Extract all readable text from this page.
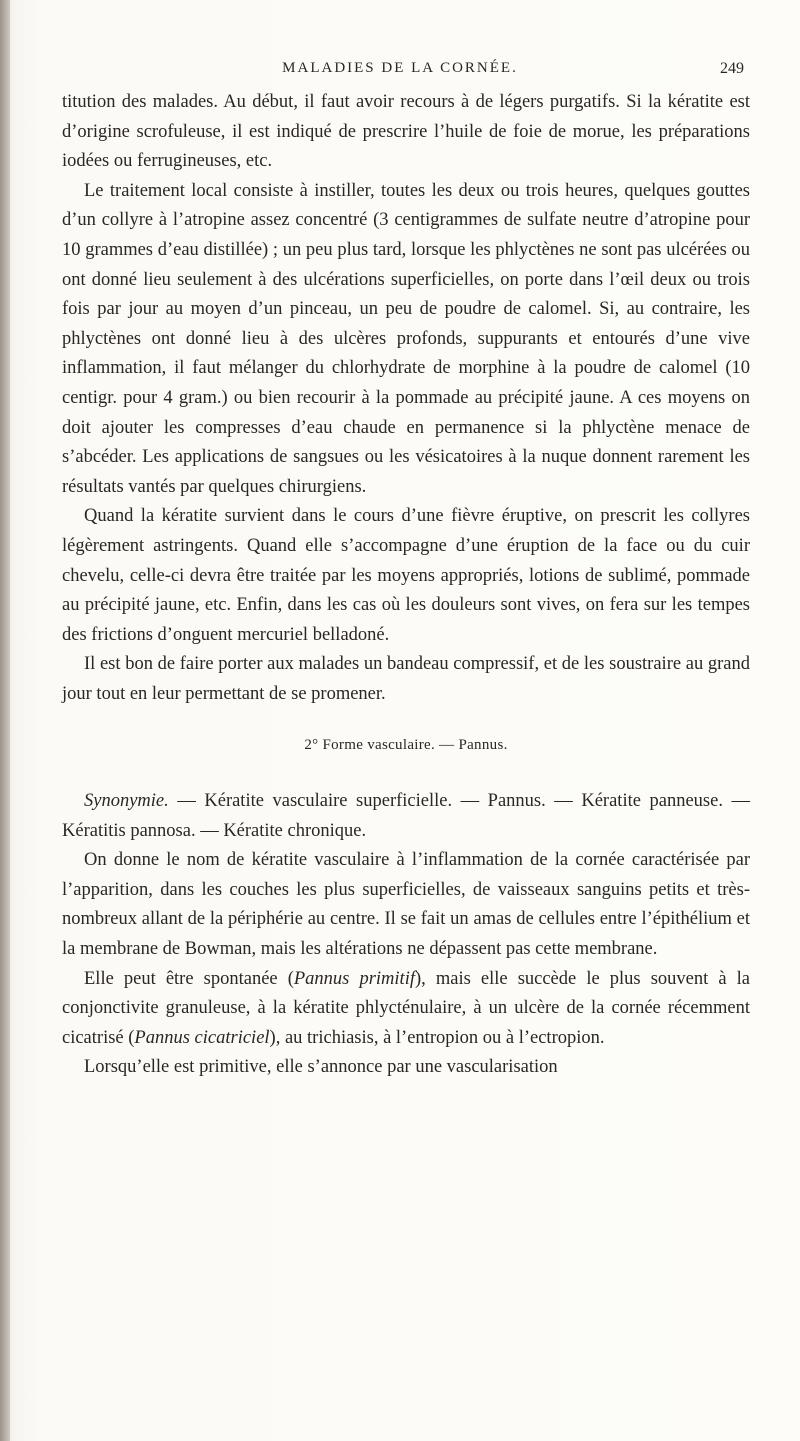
MALADIES DE LA CORNÉE.	249

titution des malades. Au début, il faut avoir recours à de légers purgatifs. Si la kératite est d’origine scrofuleuse, il est indiqué de prescrire l’huile de foie de morue, les préparations iodées ou ferrugineuses, etc.

Le traitement local consiste à instiller, toutes les deux ou trois heures, quelques gouttes d’un collyre à l’atropine assez concentré (3 centigrammes de sulfate neutre d’atropine pour 10 grammes d’eau distillée) ; un peu plus tard, lorsque les phlyctènes ne sont pas ulcérées ou ont donné lieu seulement à des ulcérations superficielles, on porte dans l’œil deux ou trois fois par jour au moyen d’un pinceau, un peu de poudre de calomel. Si, au contraire, les phlyctènes ont donné lieu à des ulcères profonds, suppurants et entourés d’une vive inflammation, il faut mélanger du chlorhydrate de morphine à la poudre de calomel (10 centigr. pour 4 gram.) ou bien recourir à la pommade au précipité jaune. A ces moyens on doit ajouter les compresses d’eau chaude en permanence si la phlyctène menace de s’abcéder. Les applications de sangsues ou les vésicatoires à la nuque donnent rarement les résultats vantés par quelques chirurgiens.

Quand la kératite survient dans le cours d’une fièvre éruptive, on prescrit les collyres légèrement astringents. Quand elle s’accompagne d’une éruption de la face ou du cuir chevelu, celle-ci devra être traitée par les moyens appropriés, lotions de sublimé, pommade au précipité jaune, etc. Enfin, dans les cas où les douleurs sont vives, on fera sur les tempes des frictions d’onguent mercuriel belladoné.

Il est bon de faire porter aux malades un bandeau compressif, et de les soustraire au grand jour tout en leur permettant de se promener.

2° Forme vasculaire. — Pannus.

Synonymie. — Kératite vasculaire superficielle. — Pannus. — Kératite panneuse. — Kératitis pannosa. — Kératite chronique.

On donne le nom de kératite vasculaire à l’inflammation de la cornée caractérisée par l’apparition, dans les couches les plus superficielles, de vaisseaux sanguins petits et très-nombreux allant de la périphérie au centre. Il se fait un amas de cellules entre l’épithélium et la membrane de Bowman, mais les altérations ne dépassent pas cette membrane.

Elle peut être spontanée (Pannus primitif), mais elle succède le plus souvent à la conjonctivite granuleuse, à la kératite phlycténulaire, à un ulcère de la cornée récemment cicatrisé (Pannus cicatriciel), au trichiasis, à l’entropion ou à l’ectropion.

Lorsqu’elle est primitive, elle s’annonce par une vascularisation
